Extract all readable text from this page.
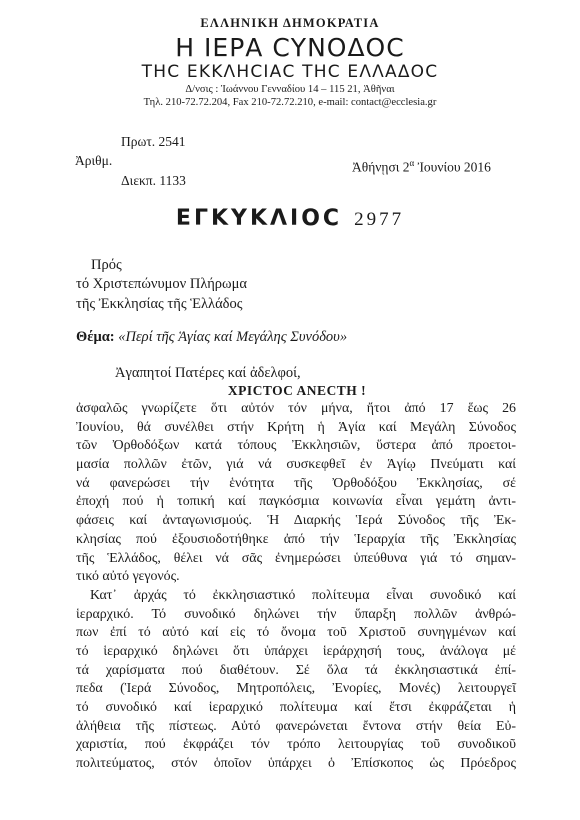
ΕΛΛΗΝΙΚΗ ΔΗΜΟΚΡΑΤΙΑ
Η ΙΕΡΑ ϹΥΝΟΔΟϹ
ΤΗϹ ΕΚΚΛΗϹΙΑϹ ΤΗϹ ΕΛΛΑΔΟϹ
Δ/νσις : Ἰωάννου Γενναδίου 14 – 115 21, Ἀθῆναι
Τηλ. 210-72.72.204, Fax 210-72.72.210, e-mail: contact@ecclesia.gr
Πρωτ. 2541
Ἀριθμ.
Διεκπ. 1133
Ἀθήνῃσι $2^\alpha$ Ἰουνίου 2016
ΕΓΚΥΚΛΙΟϹ 2977
Πρός
τό Χριστεπώνυμον Πλήρωμα
τῆς Ἐκκλησίας τῆς Ἑλλάδος
Θέμα: «Περί τῆς Ἁγίας καί Μεγάλης Συνόδου»
Ἀγαπητοί Πατέρες καί ἀδελφοί,
ΧΡΙϹΤΟϹ ΑΝΕϹΤΗ !
ἀσφαλῶς γνωρίζετε ὅτι αὐτόν τόν μήνα, ἤτοι ἀπό 17 ἕως 26
Ἰουνίου, θά συνέλθει στήν Κρήτη ἡ Ἁγία καί Μεγάλη Σύνοδος
τῶν Ὀρθοδόξων κατά τόπους Ἐκκλησιῶν, ὕστερα ἀπό προετοι-
μασία πολλῶν ἐτῶν, γιά νά συσκεφθεῖ ἐν Ἁγίῳ Πνεύματι καί
νά φανερώσει τήν ἑνότητα τῆς Ὀρθοδόξου Ἐκκλησίας, σέ
ἐποχή πού ἡ τοπική καί παγκόσμια κοινωνία εἶναι γεμάτη ἀντι-
φάσεις καί ἀνταγωνισμούς. Ἡ Διαρκής Ἱερά Σύνοδος τῆς Ἐκ-
κλησίας πού ἐξουσιοδοτήθηκε ἀπό τήν Ἱεραρχία τῆς Ἐκκλησίας
τῆς Ἑλλάδος, θέλει νά σᾶς ἐνημερώσει ὑπεύθυνα γιά τό σημαν-
τικό αὐτό γεγονός.
Κατ᾽ ἀρχάς τό ἐκκλησιαστικό πολίτευμα εἶναι συνοδικό καί
ἱεραρχικό. Τό συνοδικό δηλώνει τήν ὕπαρξη πολλῶν ἀνθρώ-
πων ἐπί τό αὐτό καί εἰς τό ὄνομα τοῦ Χριστοῦ συνηγμένων καί
τό ἱεραρχικό δηλώνει ὅτι ὑπάρχει ἱεράρχησή τους, ἀνάλογα μέ
τά χαρίσματα πού διαθέτουν. Σέ ὅλα τά ἐκκλησιαστικά ἐπί-
πεδα (Ἱερά Σύνοδος, Μητροπόλεις, Ἐνορίες, Μονές) λειτουργεῖ
τό συνοδικό καί ἱεραρχικό πολίτευμα καί ἔτσι ἐκφράζεται ἡ
ἀλήθεια τῆς πίστεως. Αὐτό φανερώνεται ἔντονα στήν θεία Εὐ-
χαριστία, πού ἐκφράζει τόν τρόπο λειτουργίας τοῦ συνοδικοῦ
πολιτεύματος, στόν ὁποῖον ὑπάρχει ὁ Ἐπίσκοπος ὡς Πρόεδρος
